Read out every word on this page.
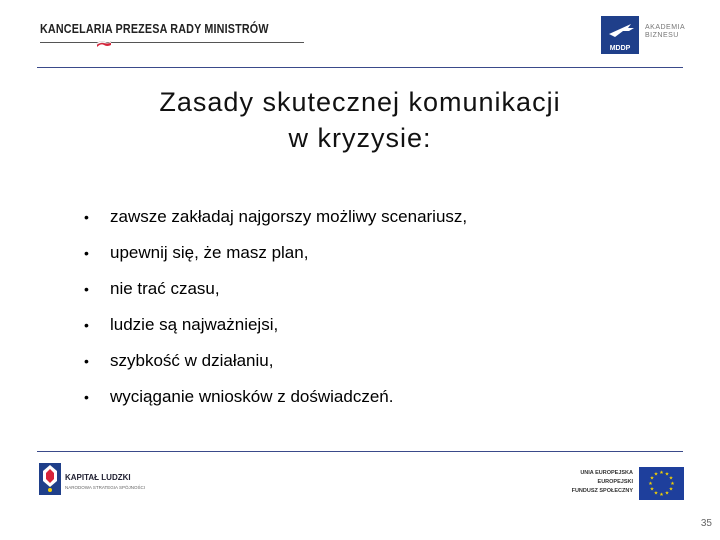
KANCELARIA PREZESA RADY MINISTRÓW
MDDP
AKADEMIA
BIZNESU
Zasady skutecznej komunikacji
w kryzysie:
• zawsze zakładaj najgorszy możliwy scenariusz,
• upewnij się, że masz plan,
• nie trać czasu,
• ludzie są najważniejsi,
• szybkość w działaniu,
• wyciąganie wniosków z doświadczeń.
KAPITAŁ LUDZKI
NARODOWA STRATEGIA SPÓJNOŚCI
UNIA EUROPEJSKA
EUROPEJSKI
FUNDUSZ SPOŁECZNY
★ ★
★
★
★
★
★
★
★
★
★
★
35
